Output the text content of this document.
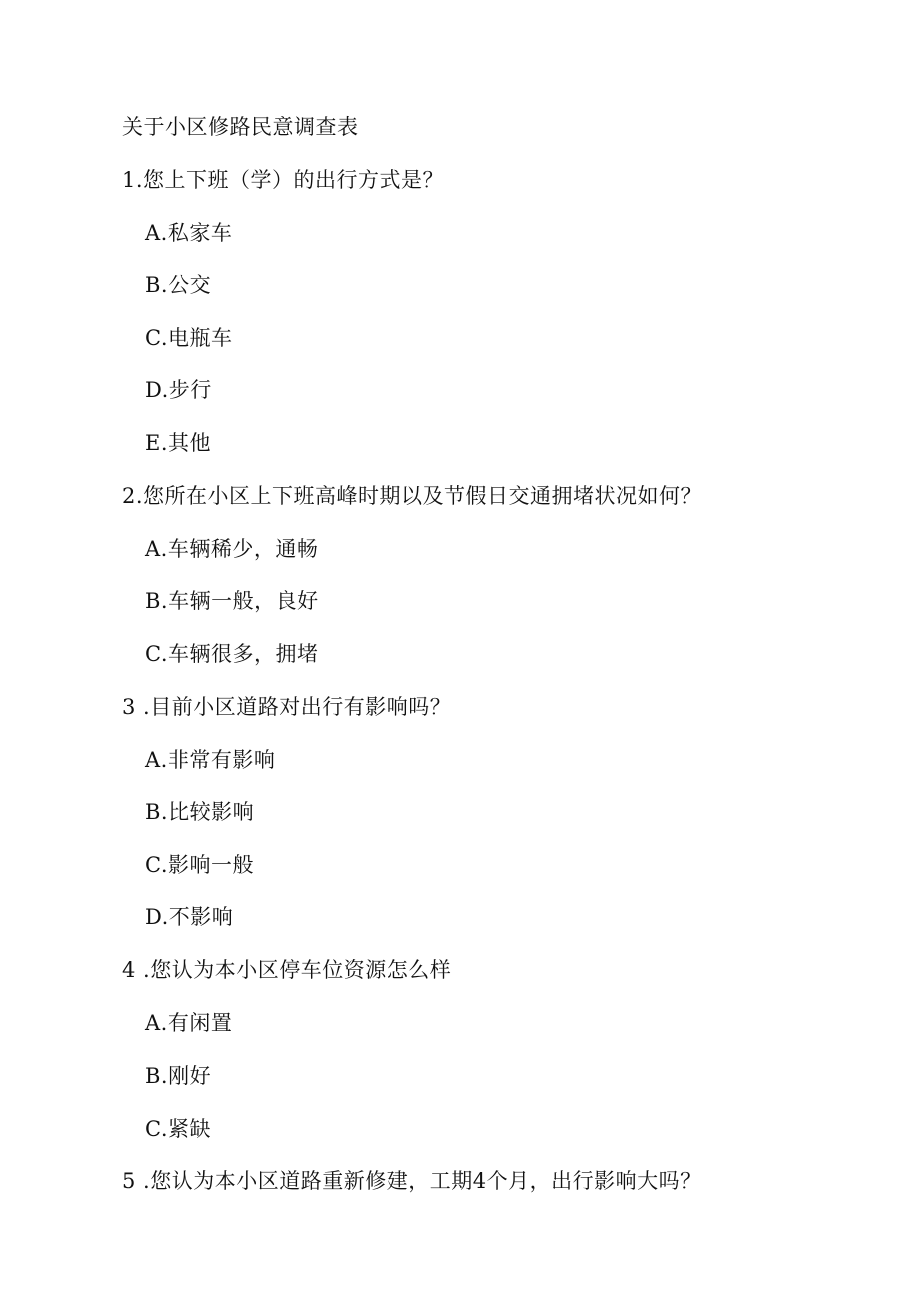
关于小区修路民意调查表
1.您上下班（学）的出行方式是？
A.私家车
B.公交
C.电瓶车
D.步行
E.其他
2.您所在小区上下班高峰时期以及节假日交通拥堵状况如何？
A.车辆稀少，通畅
B.车辆一般，良好
C.车辆很多，拥堵
3 .目前小区道路对出行有影响吗？
A.非常有影响
B.比较影响
C.影响一般
D.不影响
4 .您认为本小区停车位资源怎么样
A.有闲置
B.刚好
C.紧缺
5 .您认为本小区道路重新修建，工期4个月，出行影响大吗？
